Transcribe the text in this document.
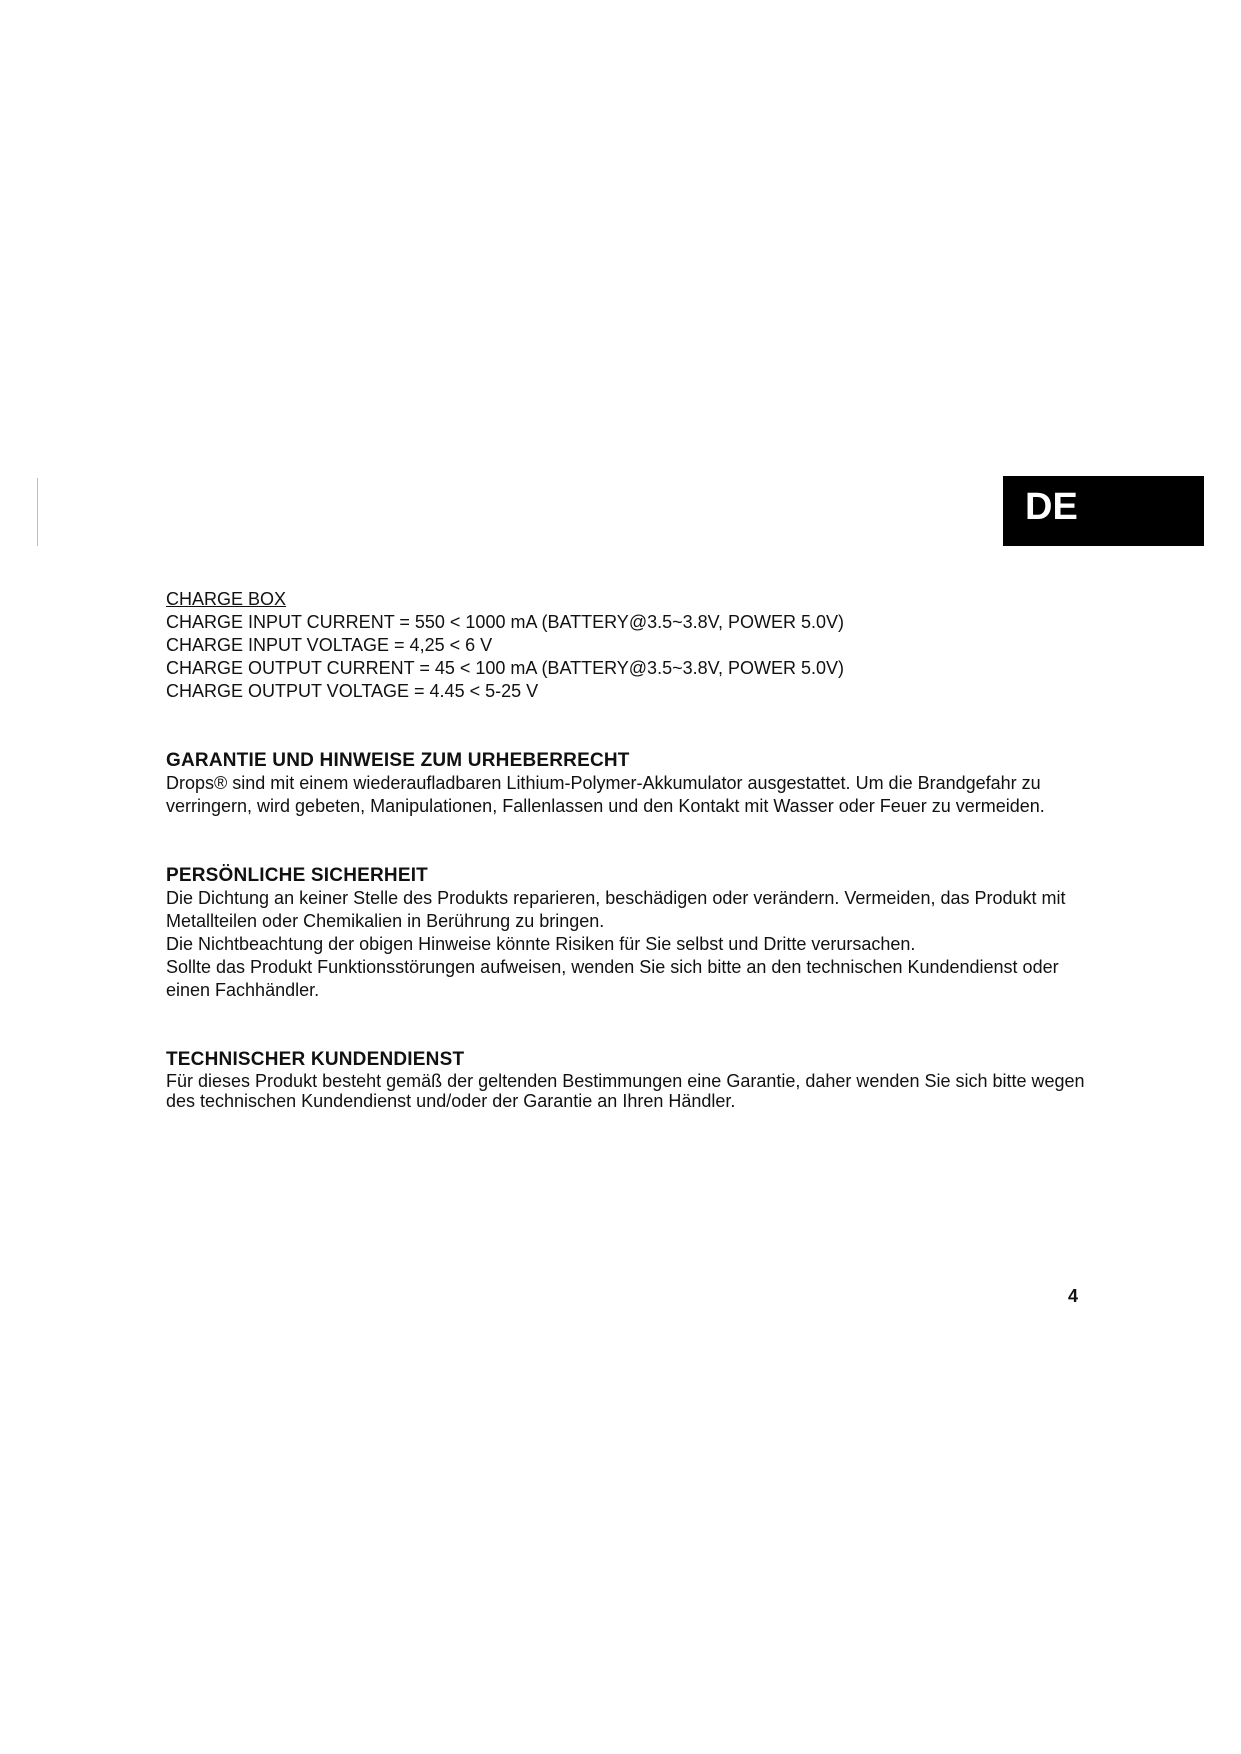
DE
CHARGE BOX
CHARGE INPUT CURRENT = 550 < 1000 mA (BATTERY@3.5~3.8V, POWER 5.0V)
CHARGE INPUT VOLTAGE = 4,25 < 6 V
CHARGE OUTPUT CURRENT = 45 < 100 mA (BATTERY@3.5~3.8V, POWER 5.0V)
CHARGE OUTPUT VOLTAGE = 4.45 < 5-25 V
GARANTIE UND HINWEISE ZUM URHEBERRECHT

Drops® sind mit einem wiederaufladbaren Lithium-Polymer-Akkumulator ausgestattet. Um die Brandgefahr zu verringern, wird gebeten, Manipulationen, Fallenlassen und den Kontakt mit Wasser oder Feuer zu vermeiden.

PERSÖNLICHE SICHERHEIT

Die Dichtung an keiner Stelle des Produkts reparieren, beschädigen oder verändern. Vermeiden, das Produkt mit Metallteilen oder Chemikalien in Berührung zu bringen.

Die Nichtbeachtung der obigen Hinweise könnte Risiken für Sie selbst und Dritte verursachen.

Sollte das Produkt Funktionsstörungen aufweisen, wenden Sie sich bitte an den technischen Kundendienst oder einen Fachhändler.

TECHNISCHER KUNDENDIENST

Für dieses Produkt besteht gemäß der geltenden Bestimmungen eine Garantie, daher wenden Sie sich bitte wegen des technischen Kundendienst und/oder der Garantie an Ihren Händler.

4
